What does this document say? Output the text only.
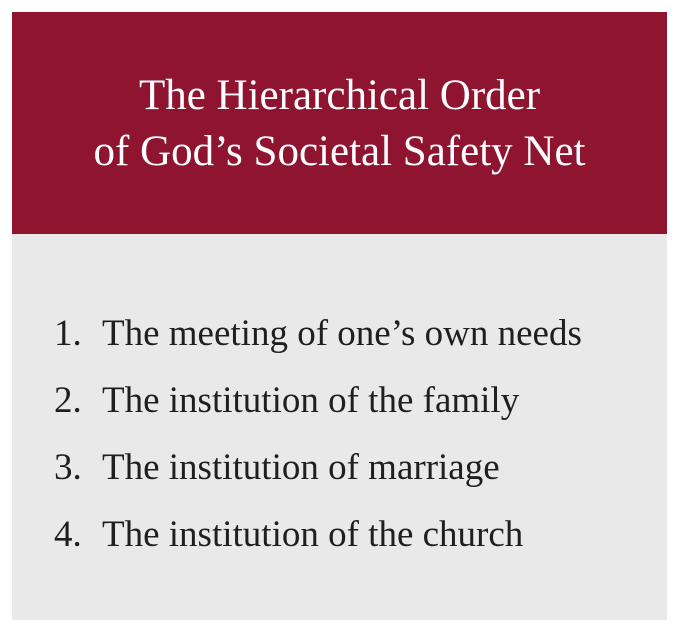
The Hierarchical Order
of God’s Societal Safety Net
1. The meeting of one’s own needs
2. The institution of the family
3. The institution of marriage
4. The institution of the church
